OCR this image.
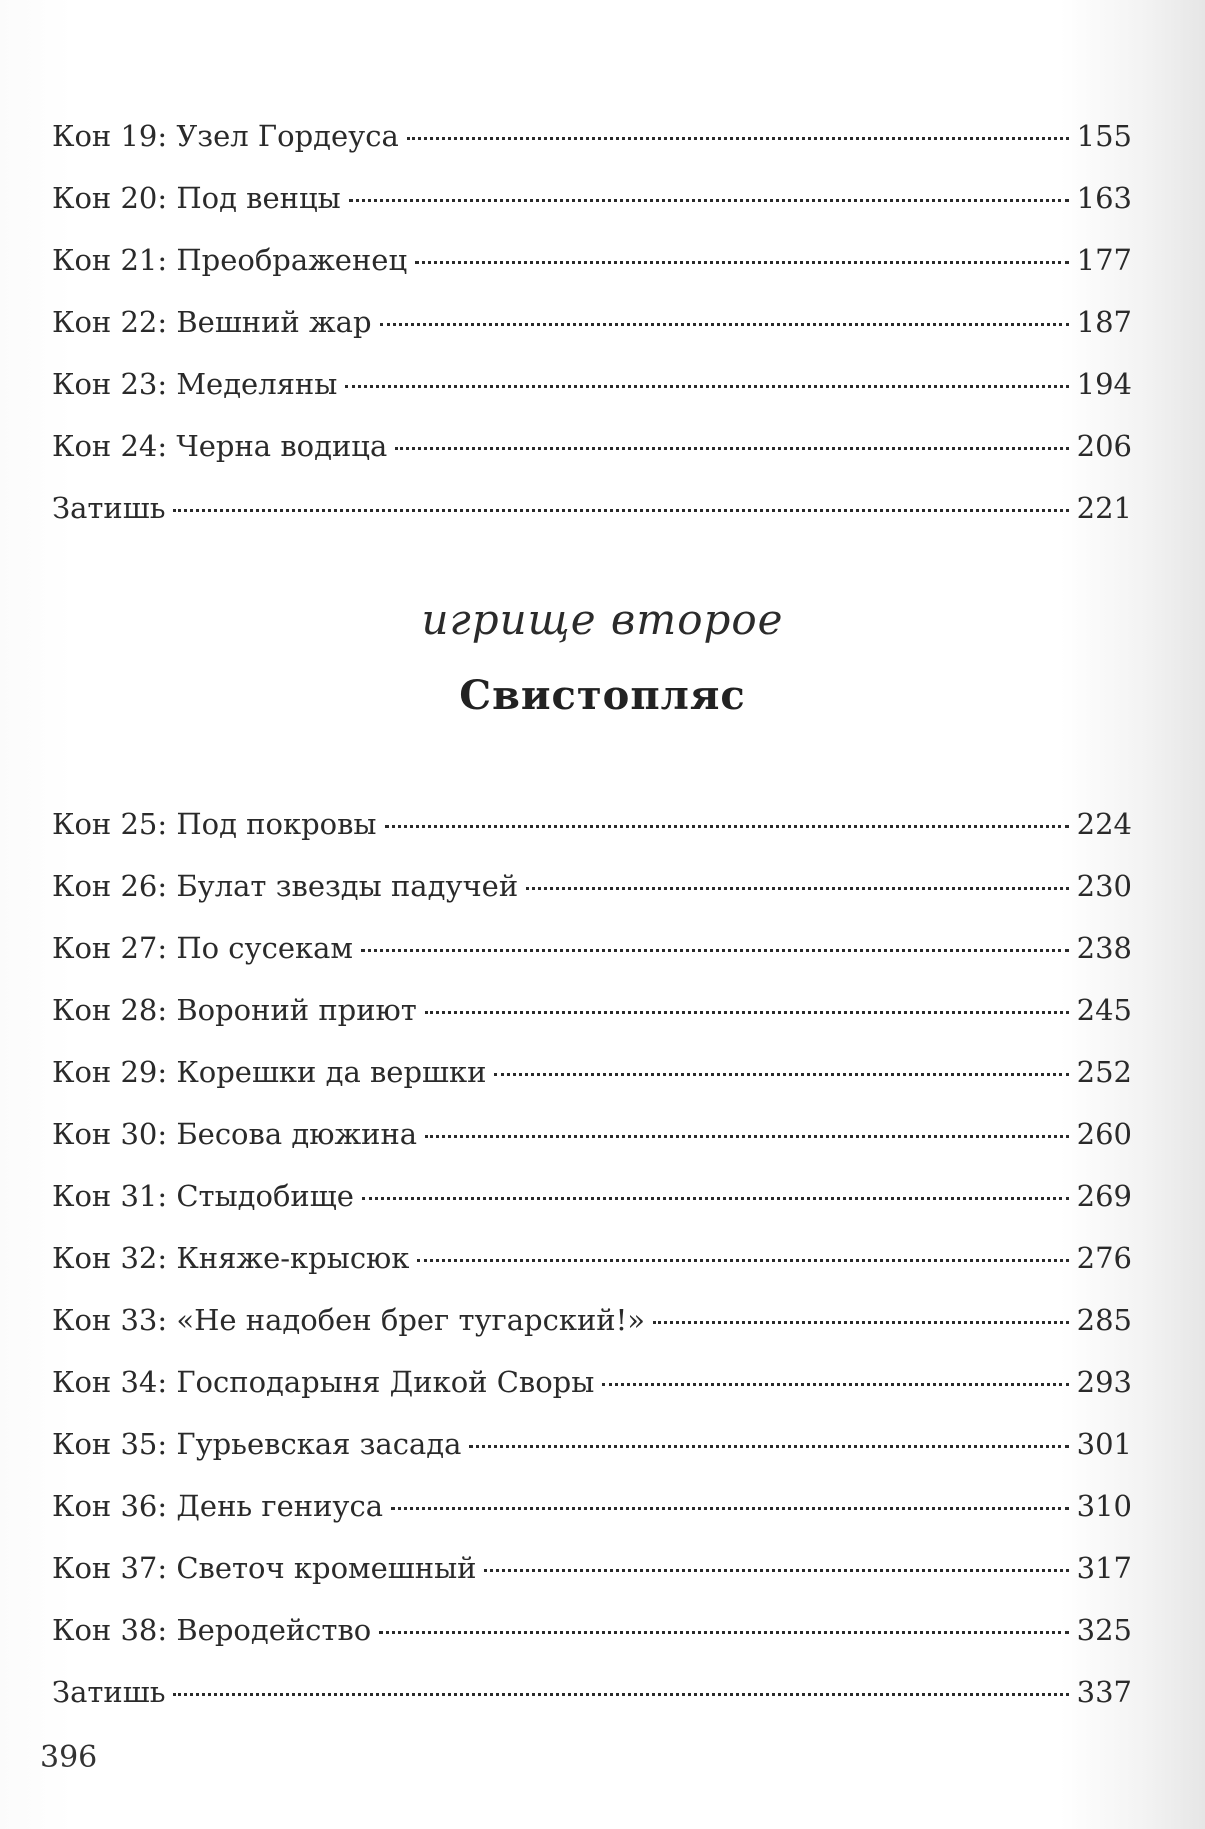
Кон 19: Узел Гордеуса	155
Кон 20: Под венцы	163
Кон 21: Преображенец	177
Кон 22: Вешний жар	187
Кон 23: Меделяны	194
Кон 24: Черна водица	206
Затишь	221
игрище второе
Свистопляс
Кон 25: Под покровы	224
Кон 26: Булат звезды падучей	230
Кон 27: По сусекам	238
Кон 28: Вороний приют	245
Кон 29: Корешки да вершки	252
Кон 30: Бесова дюжина	260
Кон 31: Стыдобище	269
Кон 32: Княже-крысюк	276
Кон 33: «Не надобен брег тугарский!»	285
Кон 34: Господарыня Дикой Своры	293
Кон 35: Гурьевская засада	301
Кон 36: День гениуса	310
Кон 37: Светоч кромешный	317
Кон 38: Веродейство	325
Затишь	337
396
